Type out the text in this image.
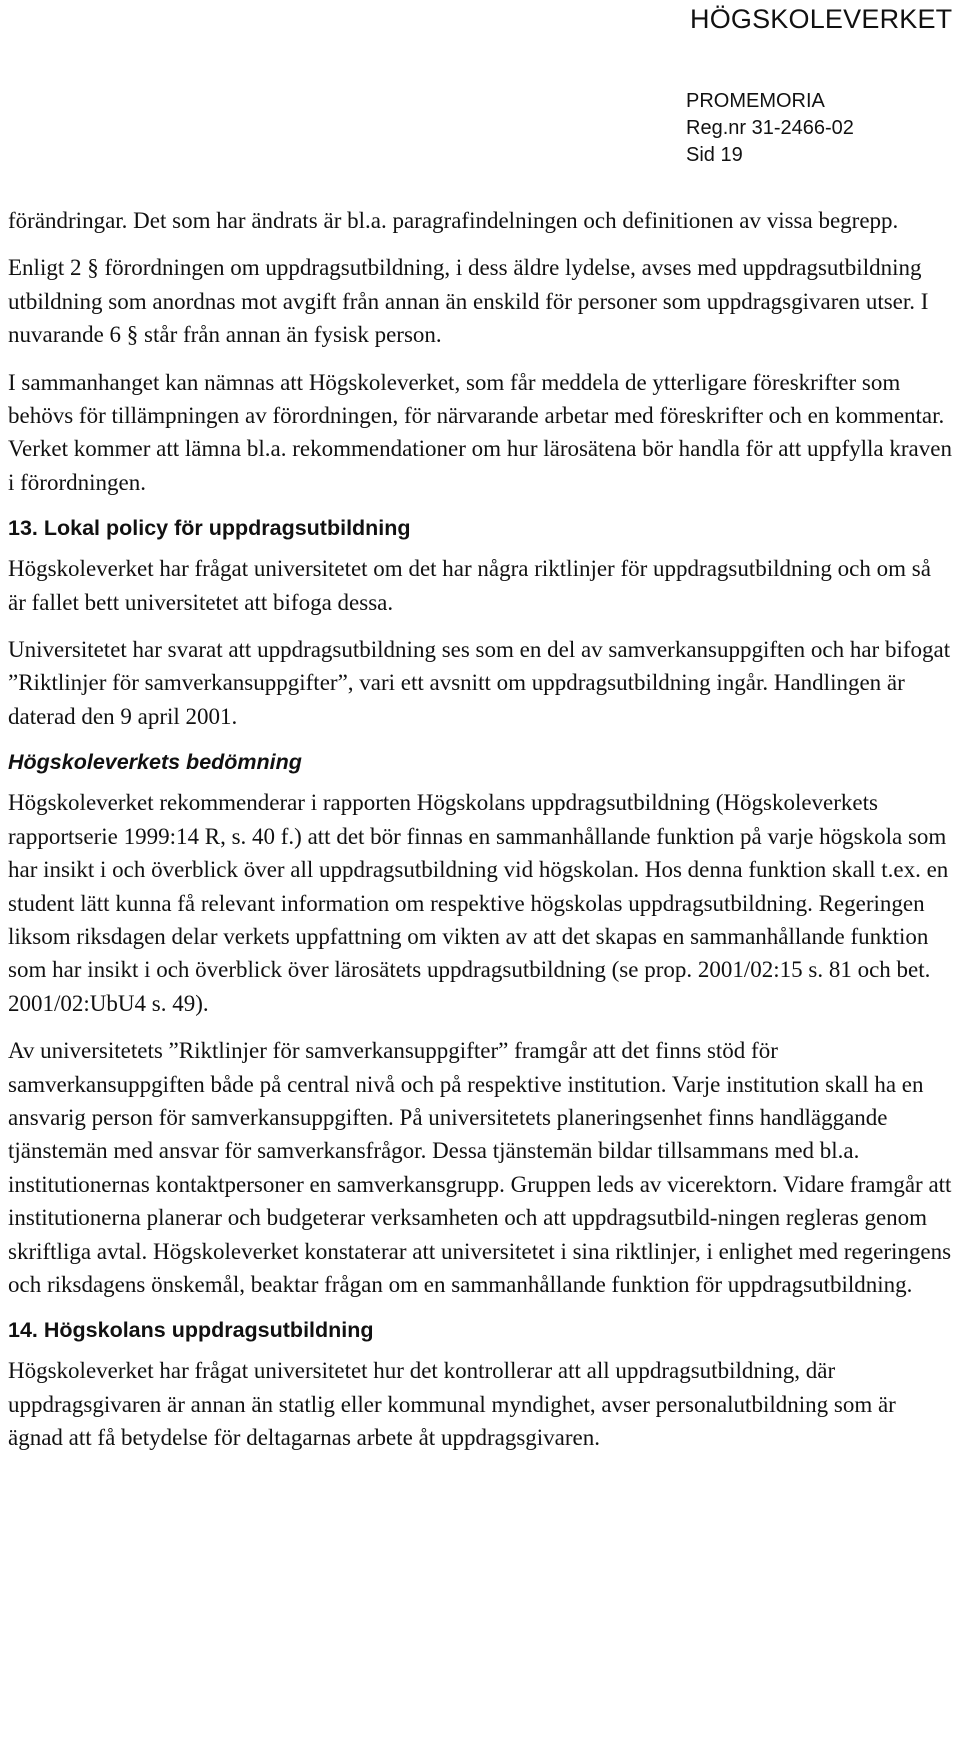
HÖGSKOLEVERKET
PROMEMORIA
Reg.nr 31-2466-02
Sid 19

förändringar. Det som har ändrats är bl.a. paragrafindelningen och definitionen av vissa begrepp.

Enligt 2 § förordningen om uppdragsutbildning, i dess äldre lydelse, avses med uppdragsutbildning utbildning som anordnas mot avgift från annan än enskild för personer som uppdragsgivaren utser. I nuvarande 6 § står från annan än fysisk person.

I sammanhanget kan nämnas att Högskoleverket, som får meddela de ytterligare föreskrifter som behövs för tillämpningen av förordningen, för närvarande arbetar med föreskrifter och en kommentar. Verket kommer att lämna bl.a. rekommendationer om hur lärosätena bör handla för att uppfylla kraven i förordningen.

13. Lokal policy för uppdragsutbildning

Högskoleverket har frågat universitetet om det har några riktlinjer för uppdragsutbildning och om så är fallet bett universitetet att bifoga dessa.

Universitetet har svarat att uppdragsutbildning ses som en del av samverkansuppgiften och har bifogat ”Riktlinjer för samverkansuppgifter”, vari ett avsnitt om uppdragsutbildning ingår. Handlingen är daterad den 9 april 2001.

Högskoleverkets bedömning

Högskoleverket rekommenderar i rapporten Högskolans uppdragsutbildning (Högskoleverkets rapportserie 1999:14 R, s. 40 f.) att det bör finnas en sammanhållande funktion på varje högskola som har insikt i och överblick över all uppdragsutbildning vid högskolan. Hos denna funktion skall t.ex. en student lätt kunna få relevant information om respektive högskolas uppdragsutbildning. Regeringen liksom riksdagen delar verkets uppfattning om vikten av att det skapas en sammanhållande funktion som har insikt i och överblick över lärosätets uppdragsutbildning (se prop. 2001/02:15 s. 81 och bet. 2001/02:UbU4 s. 49).

Av universitetets ”Riktlinjer för samverkansuppgifter” framgår att det finns stöd för samverkansuppgiften både på central nivå och på respektive institution. Varje institution skall ha en ansvarig person för samverkansuppgiften. På universitetets planeringsenhet finns handläggande tjänstemän med ansvar för samverkansfrågor. Dessa tjänstemän bildar tillsammans med bl.a. institutionernas kontaktpersoner en samverkansgrupp. Gruppen leds av vicerektorn. Vidare framgår att institutionerna planerar och budgeterar verksamheten och att uppdragsutbild-ningen regleras genom skriftliga avtal. Högskoleverket konstaterar att universitetet i sina riktlinjer, i enlighet med regeringens och riksdagens önskemål, beaktar frågan om en sammanhållande funktion för uppdragsutbildning.

14. Högskolans uppdragsutbildning

Högskoleverket har frågat universitetet hur det kontrollerar att all uppdragsutbildning, där uppdragsgivaren är annan än statlig eller kommunal myndighet, avser personalutbildning som är ägnad att få betydelse för deltagarnas arbete åt uppdragsgivaren.
